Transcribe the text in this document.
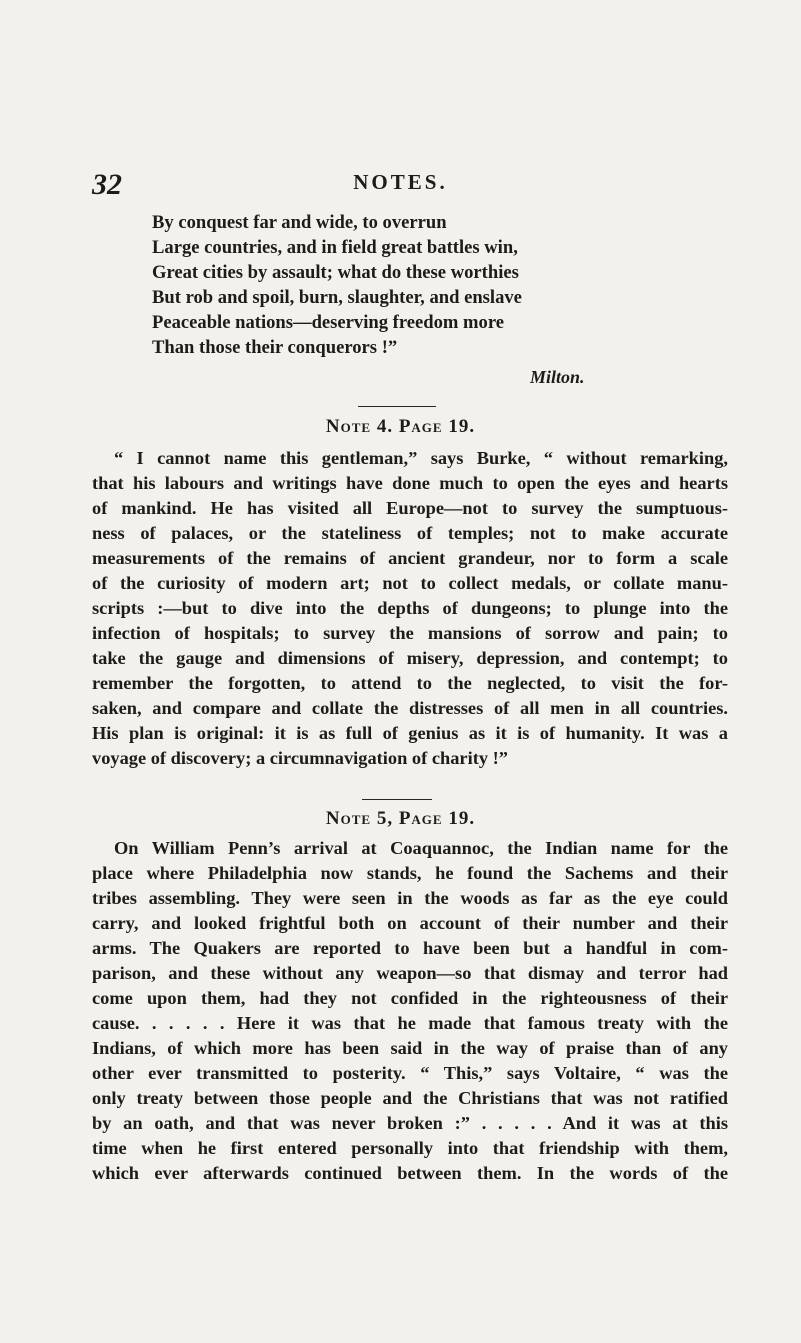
32	NOTES.
By conquest far and wide, to overrun
Large countries, and in field great battles win,
Great cities by assault; what do these worthies
But rob and spoil, burn, slaughter, and enslave
Peaceable nations—deserving freedom more
Than those their conquerors !”
Milton.
Note 4. Page 19.
“ I cannot name this gentleman,” says Burke, “ without remarking,
that his labours and writings have done much to open the eyes and hearts
of mankind. He has visited all Europe—not to survey the sumptuous-
ness of palaces, or the stateliness of temples; not to make accurate
measurements of the remains of ancient grandeur, nor to form a scale
of the curiosity of modern art; not to collect medals, or collate manu-
scripts :—but to dive into the depths of dungeons; to plunge into the
infection of hospitals; to survey the mansions of sorrow and pain; to
take the gauge and dimensions of misery, depression, and contempt; to
remember the forgotten, to attend to the neglected, to visit the for-
saken, and compare and collate the distresses of all men in all countries.
His plan is original: it is as full of genius as it is of humanity. It was a
voyage of discovery; a circumnavigation of charity !”
Note 5, Page 19.
On William Penn’s arrival at Coaquannoc, the Indian name for the
place where Philadelphia now stands, he found the Sachems and their
tribes assembling. They were seen in the woods as far as the eye could
carry, and looked frightful both on account of their number and their
arms. The Quakers are reported to have been but a handful in com-
parison, and these without any weapon—so that dismay and terror had
come upon them, had they not confided in the righteousness of their
cause. . . . . . Here it was that he made that famous treaty with the
Indians, of which more has been said in the way of praise than of any
other ever transmitted to posterity. “ This,” says Voltaire, “ was the
only treaty between those people and the Christians that was not ratified
by an oath, and that was never broken :” . . . . . And it was at this
time when he first entered personally into that friendship with them,
which ever afterwards continued between them. In the words of the
